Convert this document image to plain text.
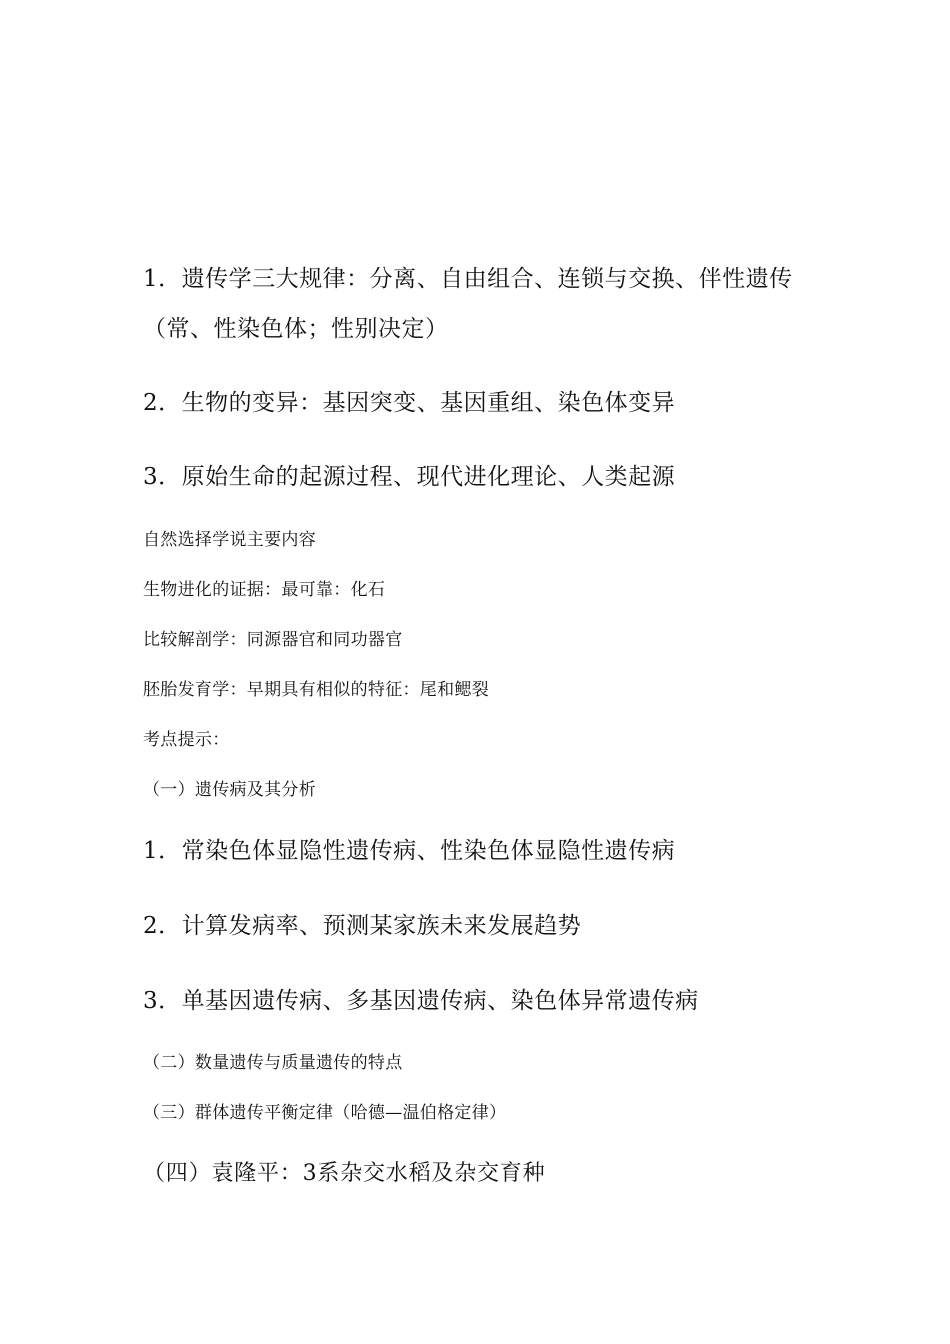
1．遗传学三大规律：分离、自由组合、连锁与交换、伴性遗传

（常、性染色体；性别决定）

2．生物的变异：基因突变、基因重组、染色体变异

3．原始生命的起源过程、现代进化理论、人类起源

自然选择学说主要内容

生物进化的证据：最可靠：化石

比较解剖学：同源器官和同功器官

胚胎发育学：早期具有相似的特征：尾和鳃裂

考点提示：

（一）遗传病及其分析

1．常染色体显隐性遗传病、性染色体显隐性遗传病

2．计算发病率、预测某家族未来发展趋势

3．单基因遗传病、多基因遗传病、染色体异常遗传病

（二）数量遗传与质量遗传的特点

（三）群体遗传平衡定律（哈德—温伯格定律）

（四）袁隆平：3系杂交水稻及杂交育种
